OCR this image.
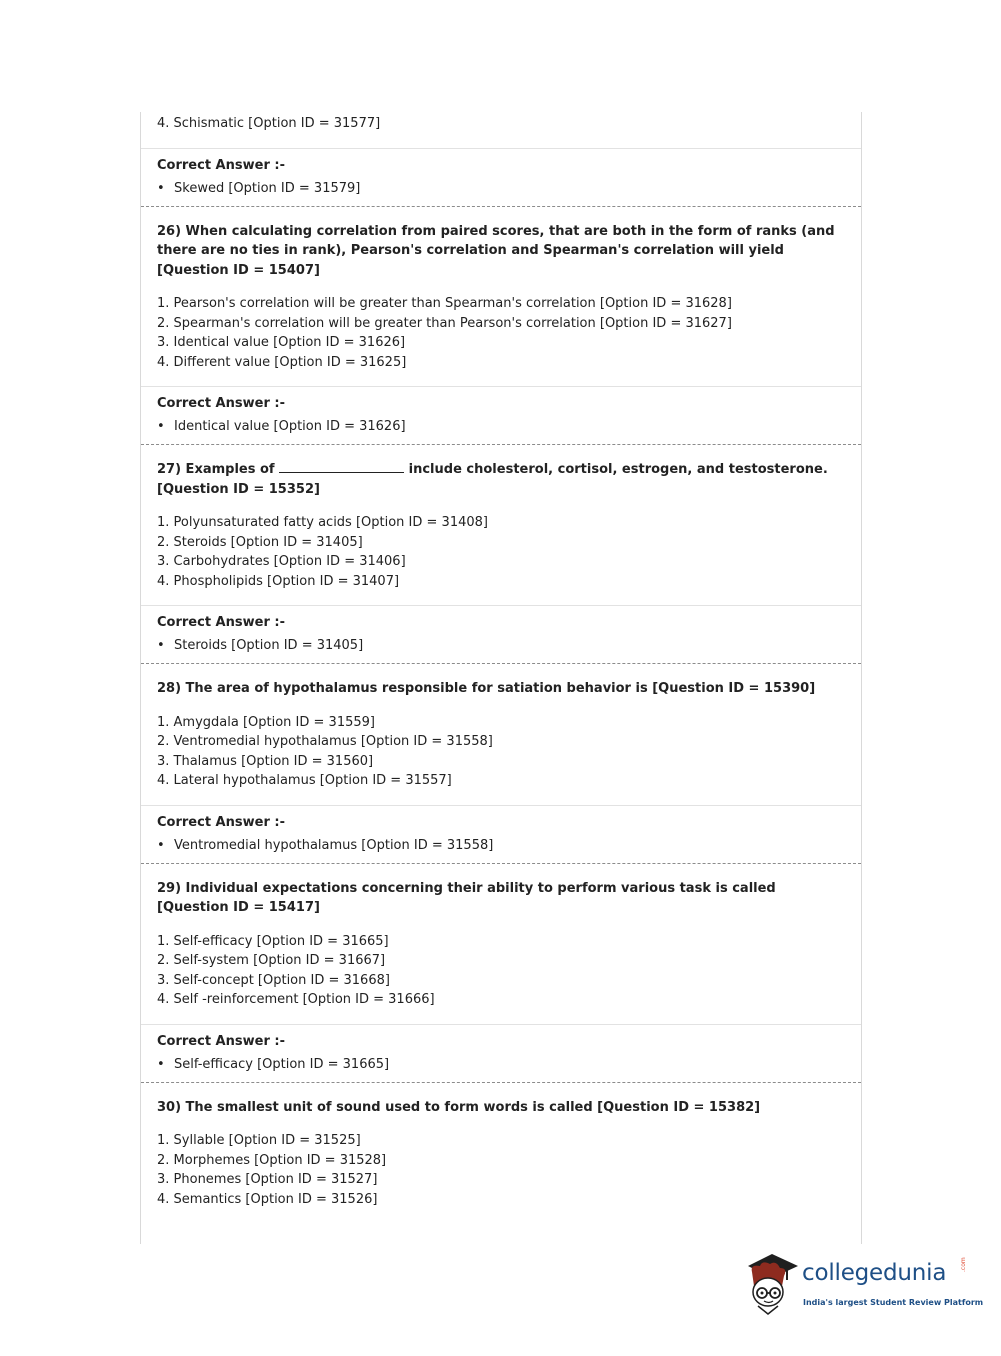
4. Schismatic [Option ID = 31577]
Correct Answer :-
• Skewed [Option ID = 31579]
26) When calculating correlation from paired scores, that are both in the form of ranks (and there are no ties in rank), Pearson's correlation and Spearman's correlation will yield [Question ID = 15407]
1. Pearson's correlation will be greater than Spearman's correlation [Option ID = 31628]
2. Spearman's correlation will be greater than Pearson's correlation [Option ID = 31627]
3. Identical value [Option ID = 31626]
4. Different value [Option ID = 31625]
Correct Answer :-
• Identical value [Option ID = 31626]
27) Examples of	include cholesterol, cortisol, estrogen, and testosterone.
[Question ID = 15352]
1. Polyunsaturated fatty acids [Option ID = 31408]
2. Steroids [Option ID = 31405]
3. Carbohydrates [Option ID = 31406]
4. Phospholipids [Option ID = 31407]
Correct Answer :-
• Steroids [Option ID = 31405]
28) The area of hypothalamus responsible for satiation behavior is [Question ID = 15390]
1. Amygdala [Option ID = 31559]
2. Ventromedial hypothalamus [Option ID = 31558]
3. Thalamus [Option ID = 31560]
4. Lateral hypothalamus [Option ID = 31557]
Correct Answer :-
• Ventromedial hypothalamus [Option ID = 31558]
29) Individual expectations concerning their ability to perform various task is called [Question ID = 15417]
1. Self-efficacy [Option ID = 31665]
2. Self-system [Option ID = 31667]
3. Self-concept [Option ID = 31668]
4. Self -reinforcement [Option ID = 31666]
Correct Answer :-
• Self-efficacy [Option ID = 31665]
30) The smallest unit of sound used to form words is called [Question ID = 15382]
1. Syllable [Option ID = 31525]
2. Morphemes [Option ID = 31528]
3. Phonemes [Option ID = 31527]
4. Semantics [Option ID = 31526]
collegedunia .com
India's largest Student Review Platform
